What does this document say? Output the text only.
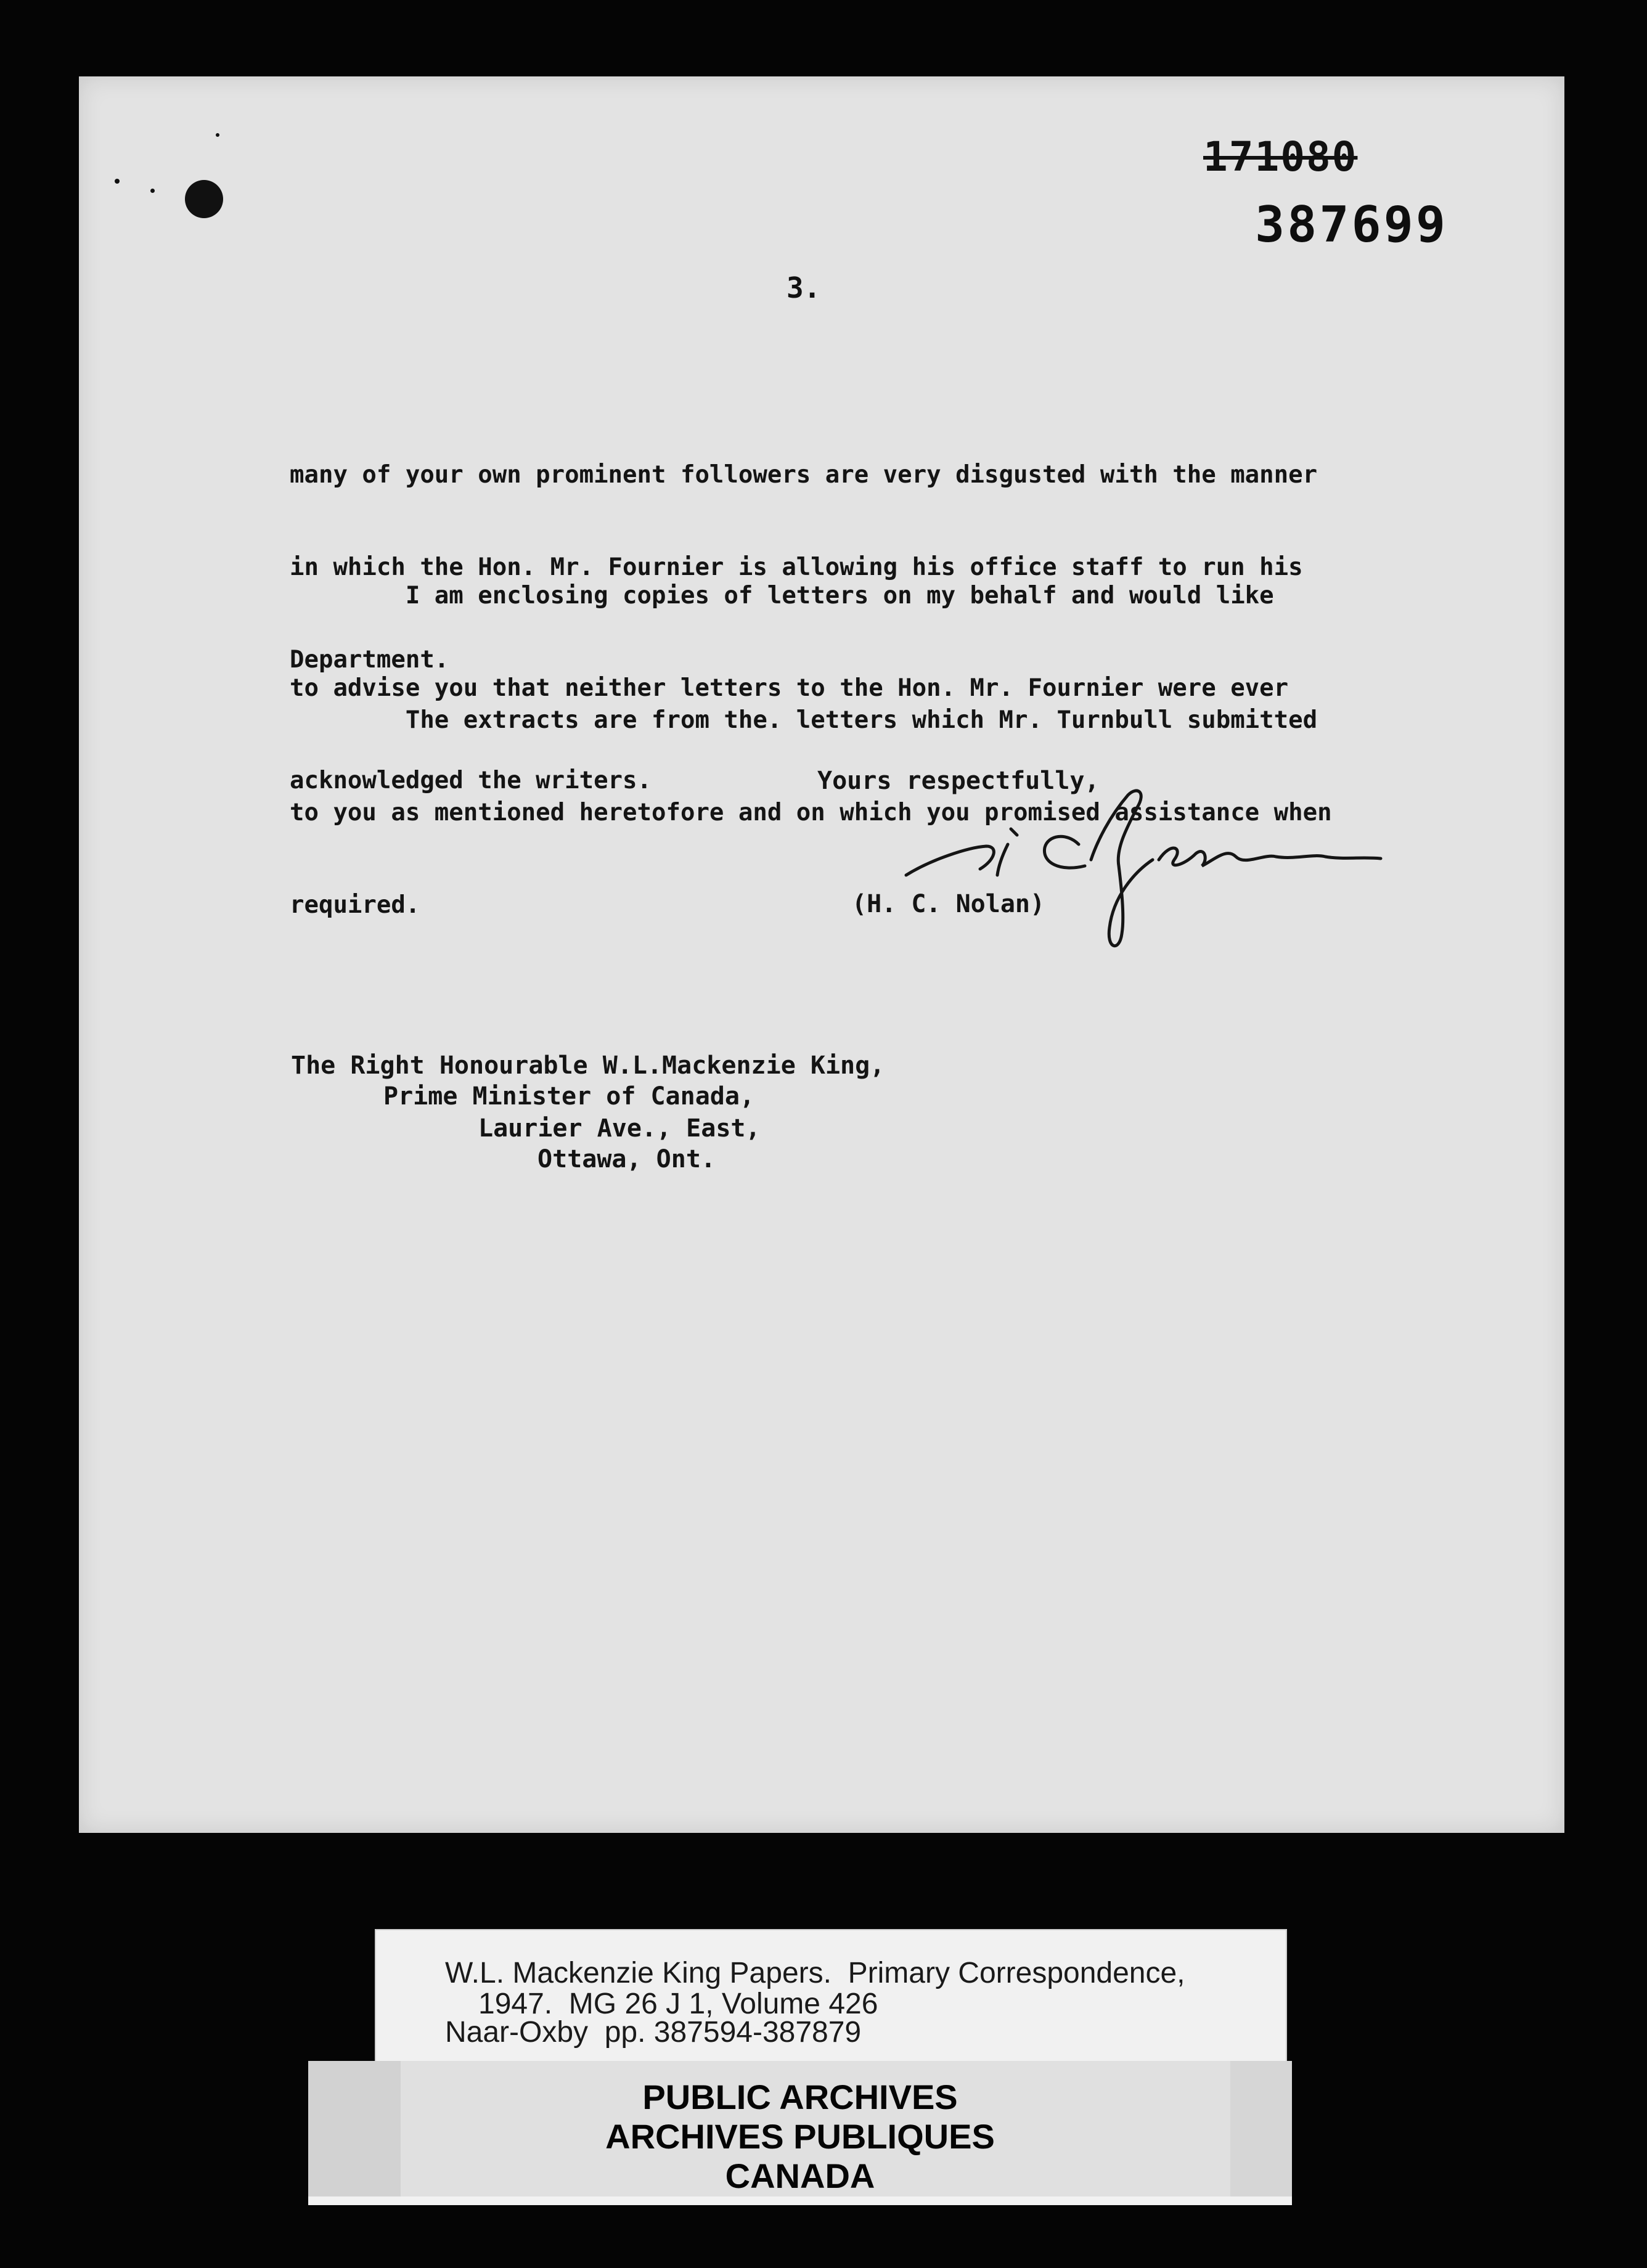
171080
387699
3.

many of your own prominent followers are very disgusted with the manner

in which the Hon. Mr. Fournier is allowing his office staff to run his

Department.

I am enclosing copies of letters on my behalf and would like

to advise you that neither letters to the Hon. Mr. Fournier were ever

acknowledged the writers.

The extracts are from the. letters which Mr. Turnbull submitted

to you as mentioned heretofore and on which you promised assistance when

required.

Yours respectfully,
(H. C. Nolan)
The Right Honourable W.L.Mackenzie King,
Prime Minister of Canada,
Laurier Ave., East,
Ottawa, Ont.
W.L. Mackenzie King Papers.  Primary Correspondence,
1947.  MG 26 J 1, Volume 426
Naar-Oxby  pp. 387594-387879
PUBLIC ARCHIVES
ARCHIVES PUBLIQUES
CANADA
